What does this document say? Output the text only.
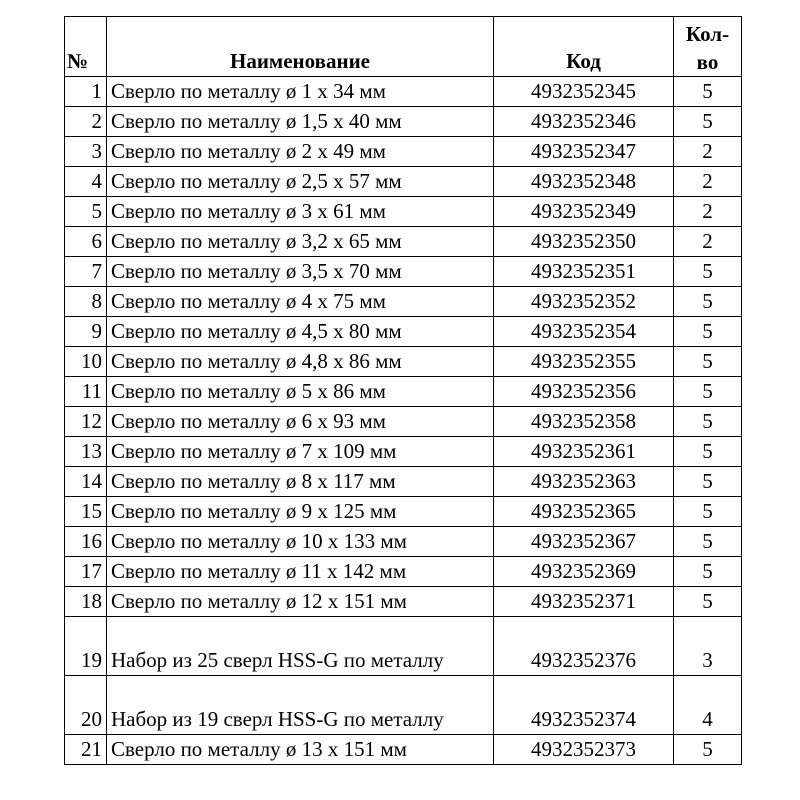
№	Наименование	Код	Кол-
во
1	Сверло по металлу ø 1 x 34 мм	4932352345	5
2	Сверло по металлу ø 1,5 x 40 мм	4932352346	5
3	Сверло по металлу ø 2 x 49 мм	4932352347	2
4	Сверло по металлу ø 2,5 x 57 мм	4932352348	2
5	Сверло по металлу ø 3 x 61 мм	4932352349	2
6	Сверло по металлу ø 3,2 x 65 мм	4932352350	2
7	Сверло по металлу ø 3,5 x 70 мм	4932352351	5
8	Сверло по металлу ø 4 x 75 мм	4932352352	5
9	Сверло по металлу ø 4,5 x 80 мм	4932352354	5
10	Сверло по металлу ø 4,8 x 86 мм	4932352355	5
11	Сверло по металлу ø 5 x 86 мм	4932352356	5
12	Сверло по металлу ø 6 x 93 мм	4932352358	5
13	Сверло по металлу ø 7 x 109 мм	4932352361	5
14	Сверло по металлу ø 8 x 117 мм	4932352363	5
15	Сверло по металлу ø 9 x 125 мм	4932352365	5
16	Сверло по металлу ø 10 x 133 мм	4932352367	5
17	Сверло по металлу ø 11 x 142 мм	4932352369	5
18	Сверло по металлу ø 12 x 151 мм	4932352371	5
19	Набор из 25 сверл HSS-G по металлу	4932352376	3
20	Набор из 19 сверл HSS-G по металлу	4932352374	4
21	Сверло по металлу ø 13 x 151 мм	4932352373	5
